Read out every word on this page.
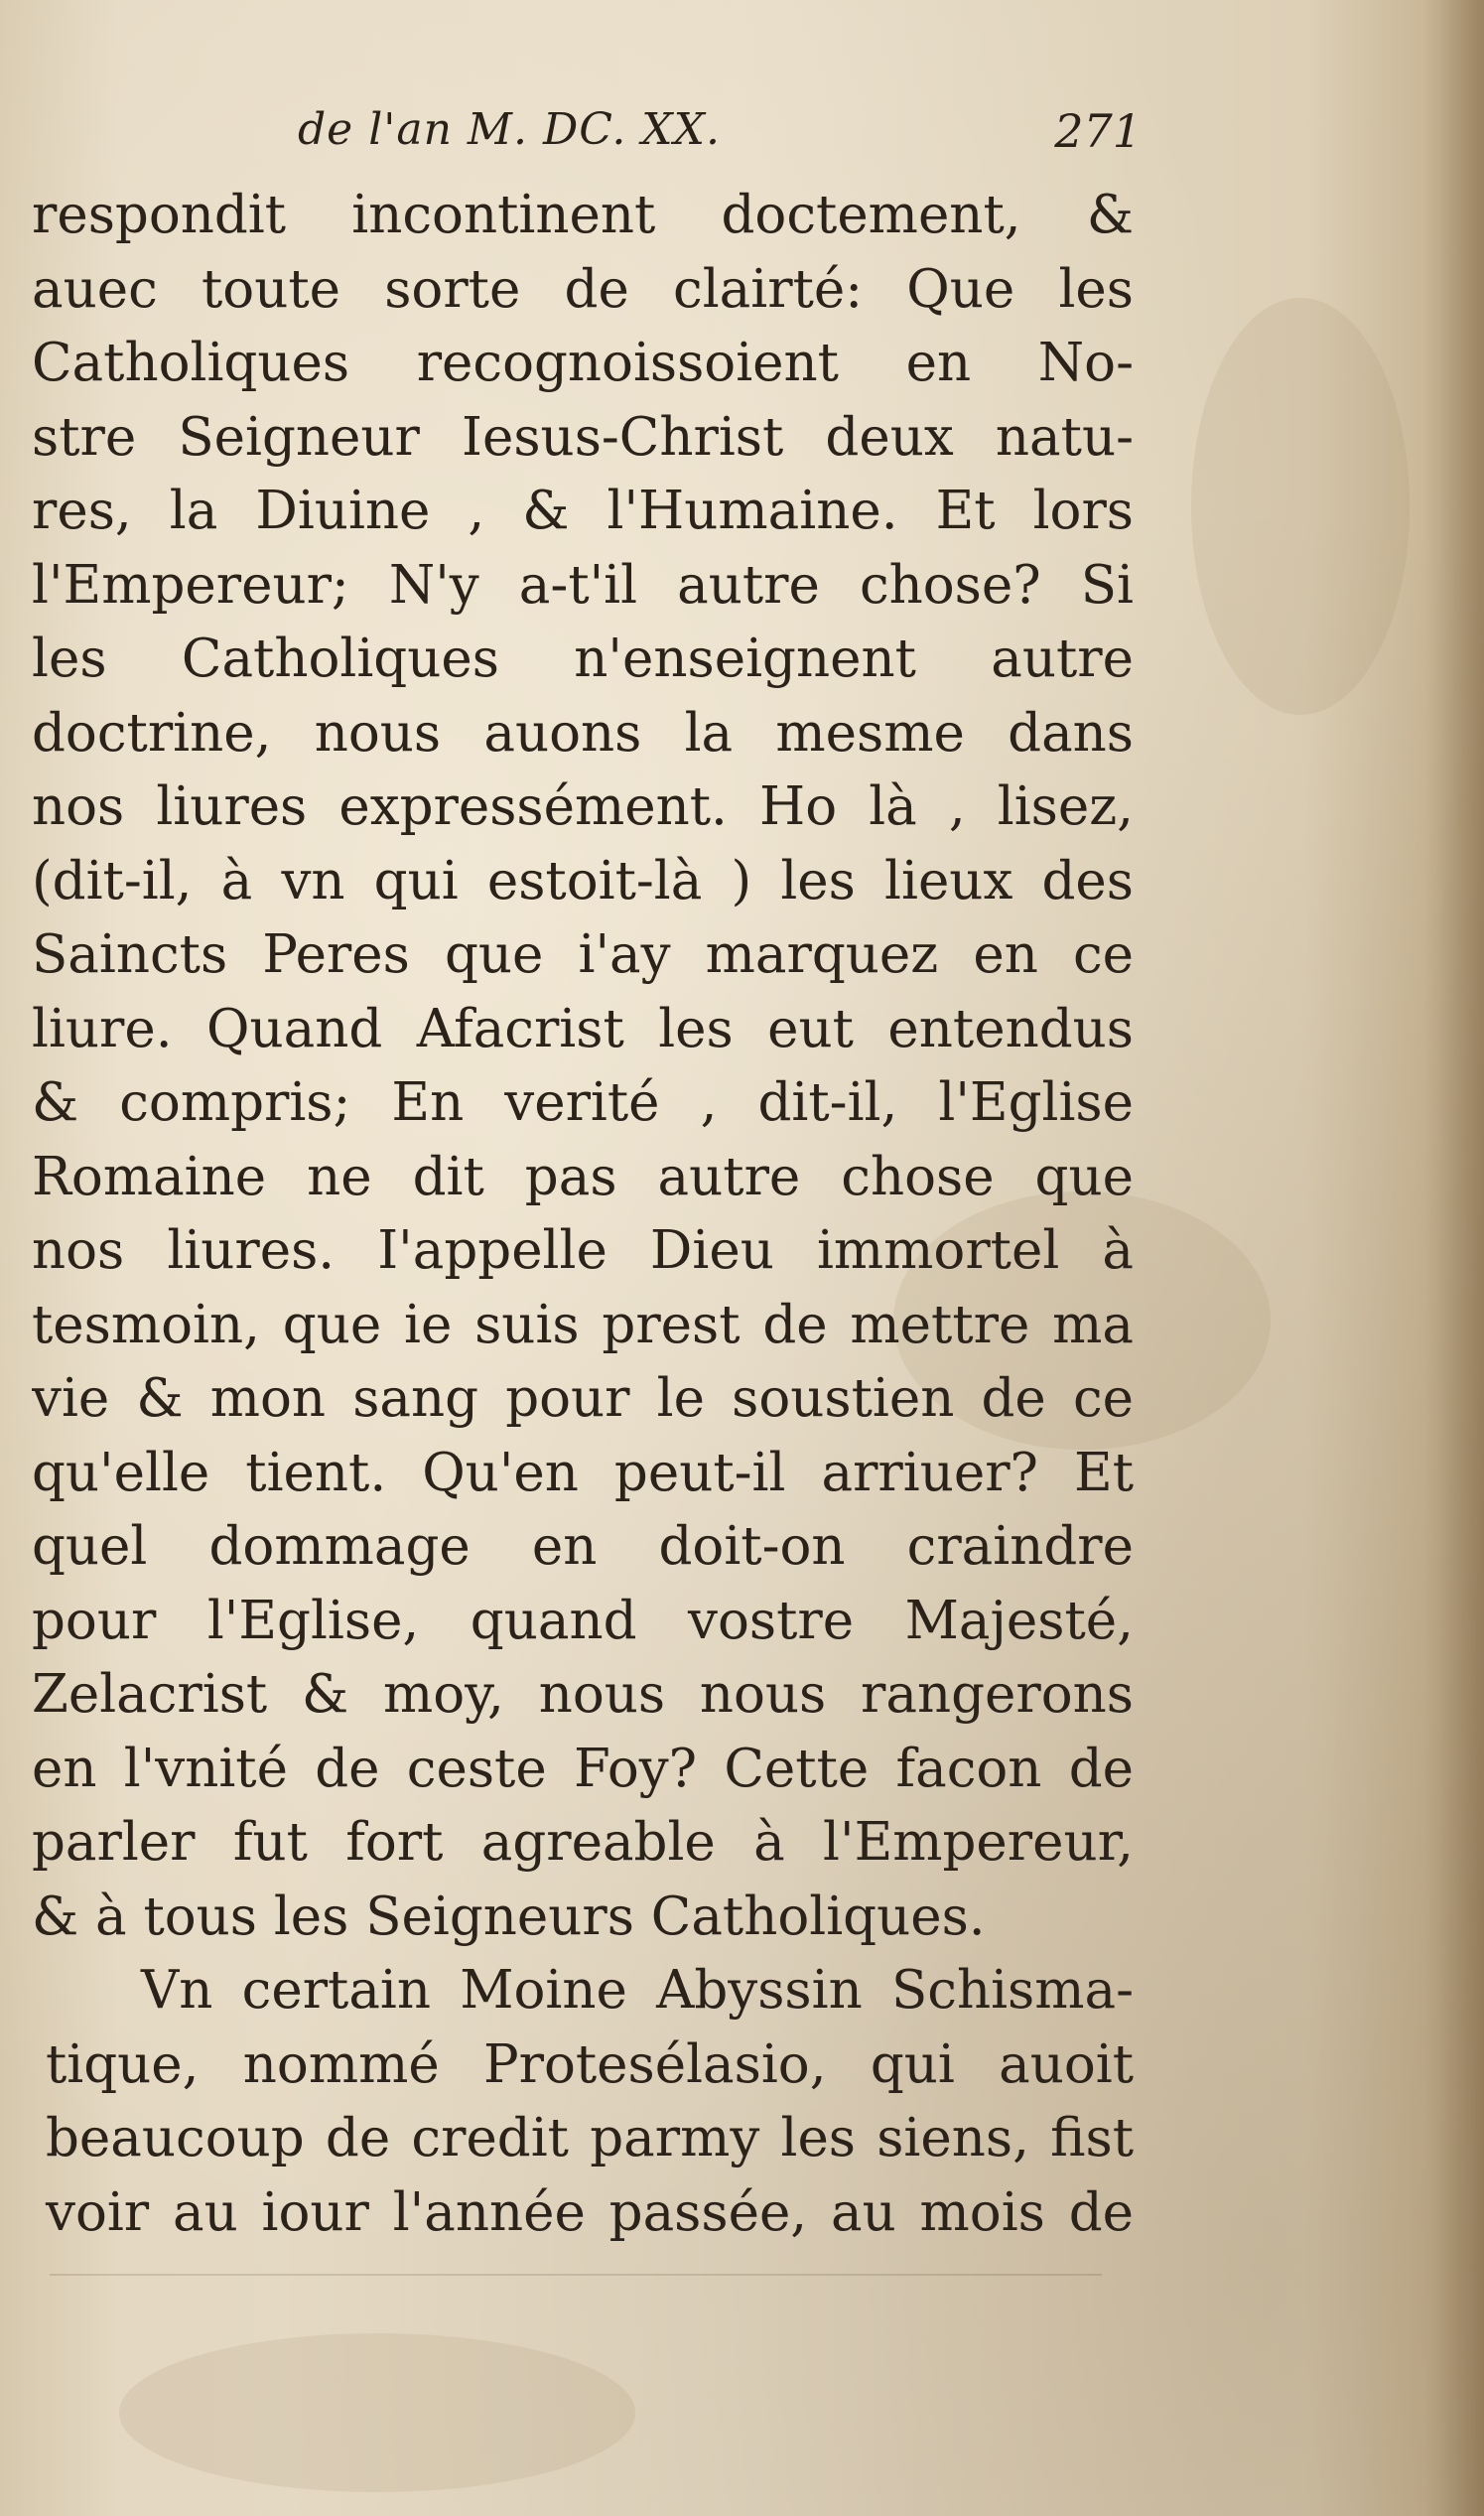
de l'an M. DC. XX.	271
respondit incontinent doctement, &
auec toute sorte de clairté: Que les
Catholiques recognoissoient en No-
stre Seigneur Iesus-Christ deux natu-
res, la Diuine , & l'Humaine. Et lors
l'Empereur; N'y a-t'il autre chose? Si
les Catholiques n'enseignent autre
doctrine, nous auons la mesme dans
nos liures expressément. Ho là , lisez,
(dit-il, à vn qui estoit-là ) les lieux des
Saincts Peres que i'ay marquez en ce
liure. Quand Afacrist les eut entendus
& compris; En verité , dit-il, l'Eglise
Romaine ne dit pas autre chose que
nos liures. I'appelle Dieu immortel à
tesmoin, que ie suis prest de mettre ma
vie & mon sang pour le soustien de ce
qu'elle tient. Qu'en peut-il arriuer? Et
quel dommage en doit-on craindre
pour l'Eglise, quand vostre Majesté,
Zelacrist & moy, nous nous rangerons
en l'vnité de ceste Foy? Cette facon de
parler fut fort agreable à l'Empereur,
& à tous les Seigneurs Catholiques.
Vn certain Moine Abyssin Schisma-
tique, nommé Protesélasio, qui auoit
beaucoup de credit parmy les siens, fist
voir au iour l'année passée, au mois de
